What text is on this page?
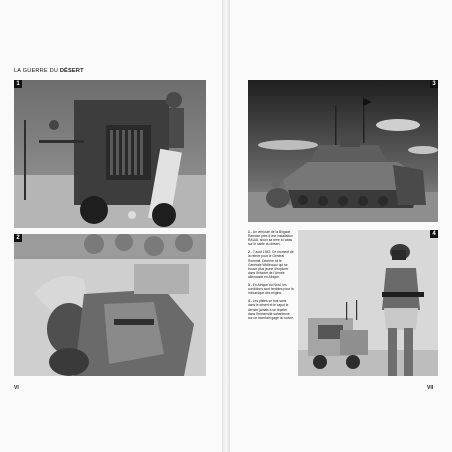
LA GUERRE DU DÉSERT
1
2
3

1 - Un véhicule de la Brigade Ramcke près d'une installation RAUAI, sinon sa terre à l'abas sur le sable du désert.

2 - 7 août 1942. Ce moment de la relève pour le Général Rommel. Derrière lui le Générale Wolfeoucz qui se trouve plus jeune d'explorer dans l'histoire de l'Armée allemande en Afrique.

3 - En Afrique du Nord, les conditions sont terribles pour la mécanique des engins.

4 - Les pistes se font sans dans le désert et le capot le dernier jamais à se répéter dans l'immensité saharienne sur un incertain gage ou suivre.

4
VI	VII
